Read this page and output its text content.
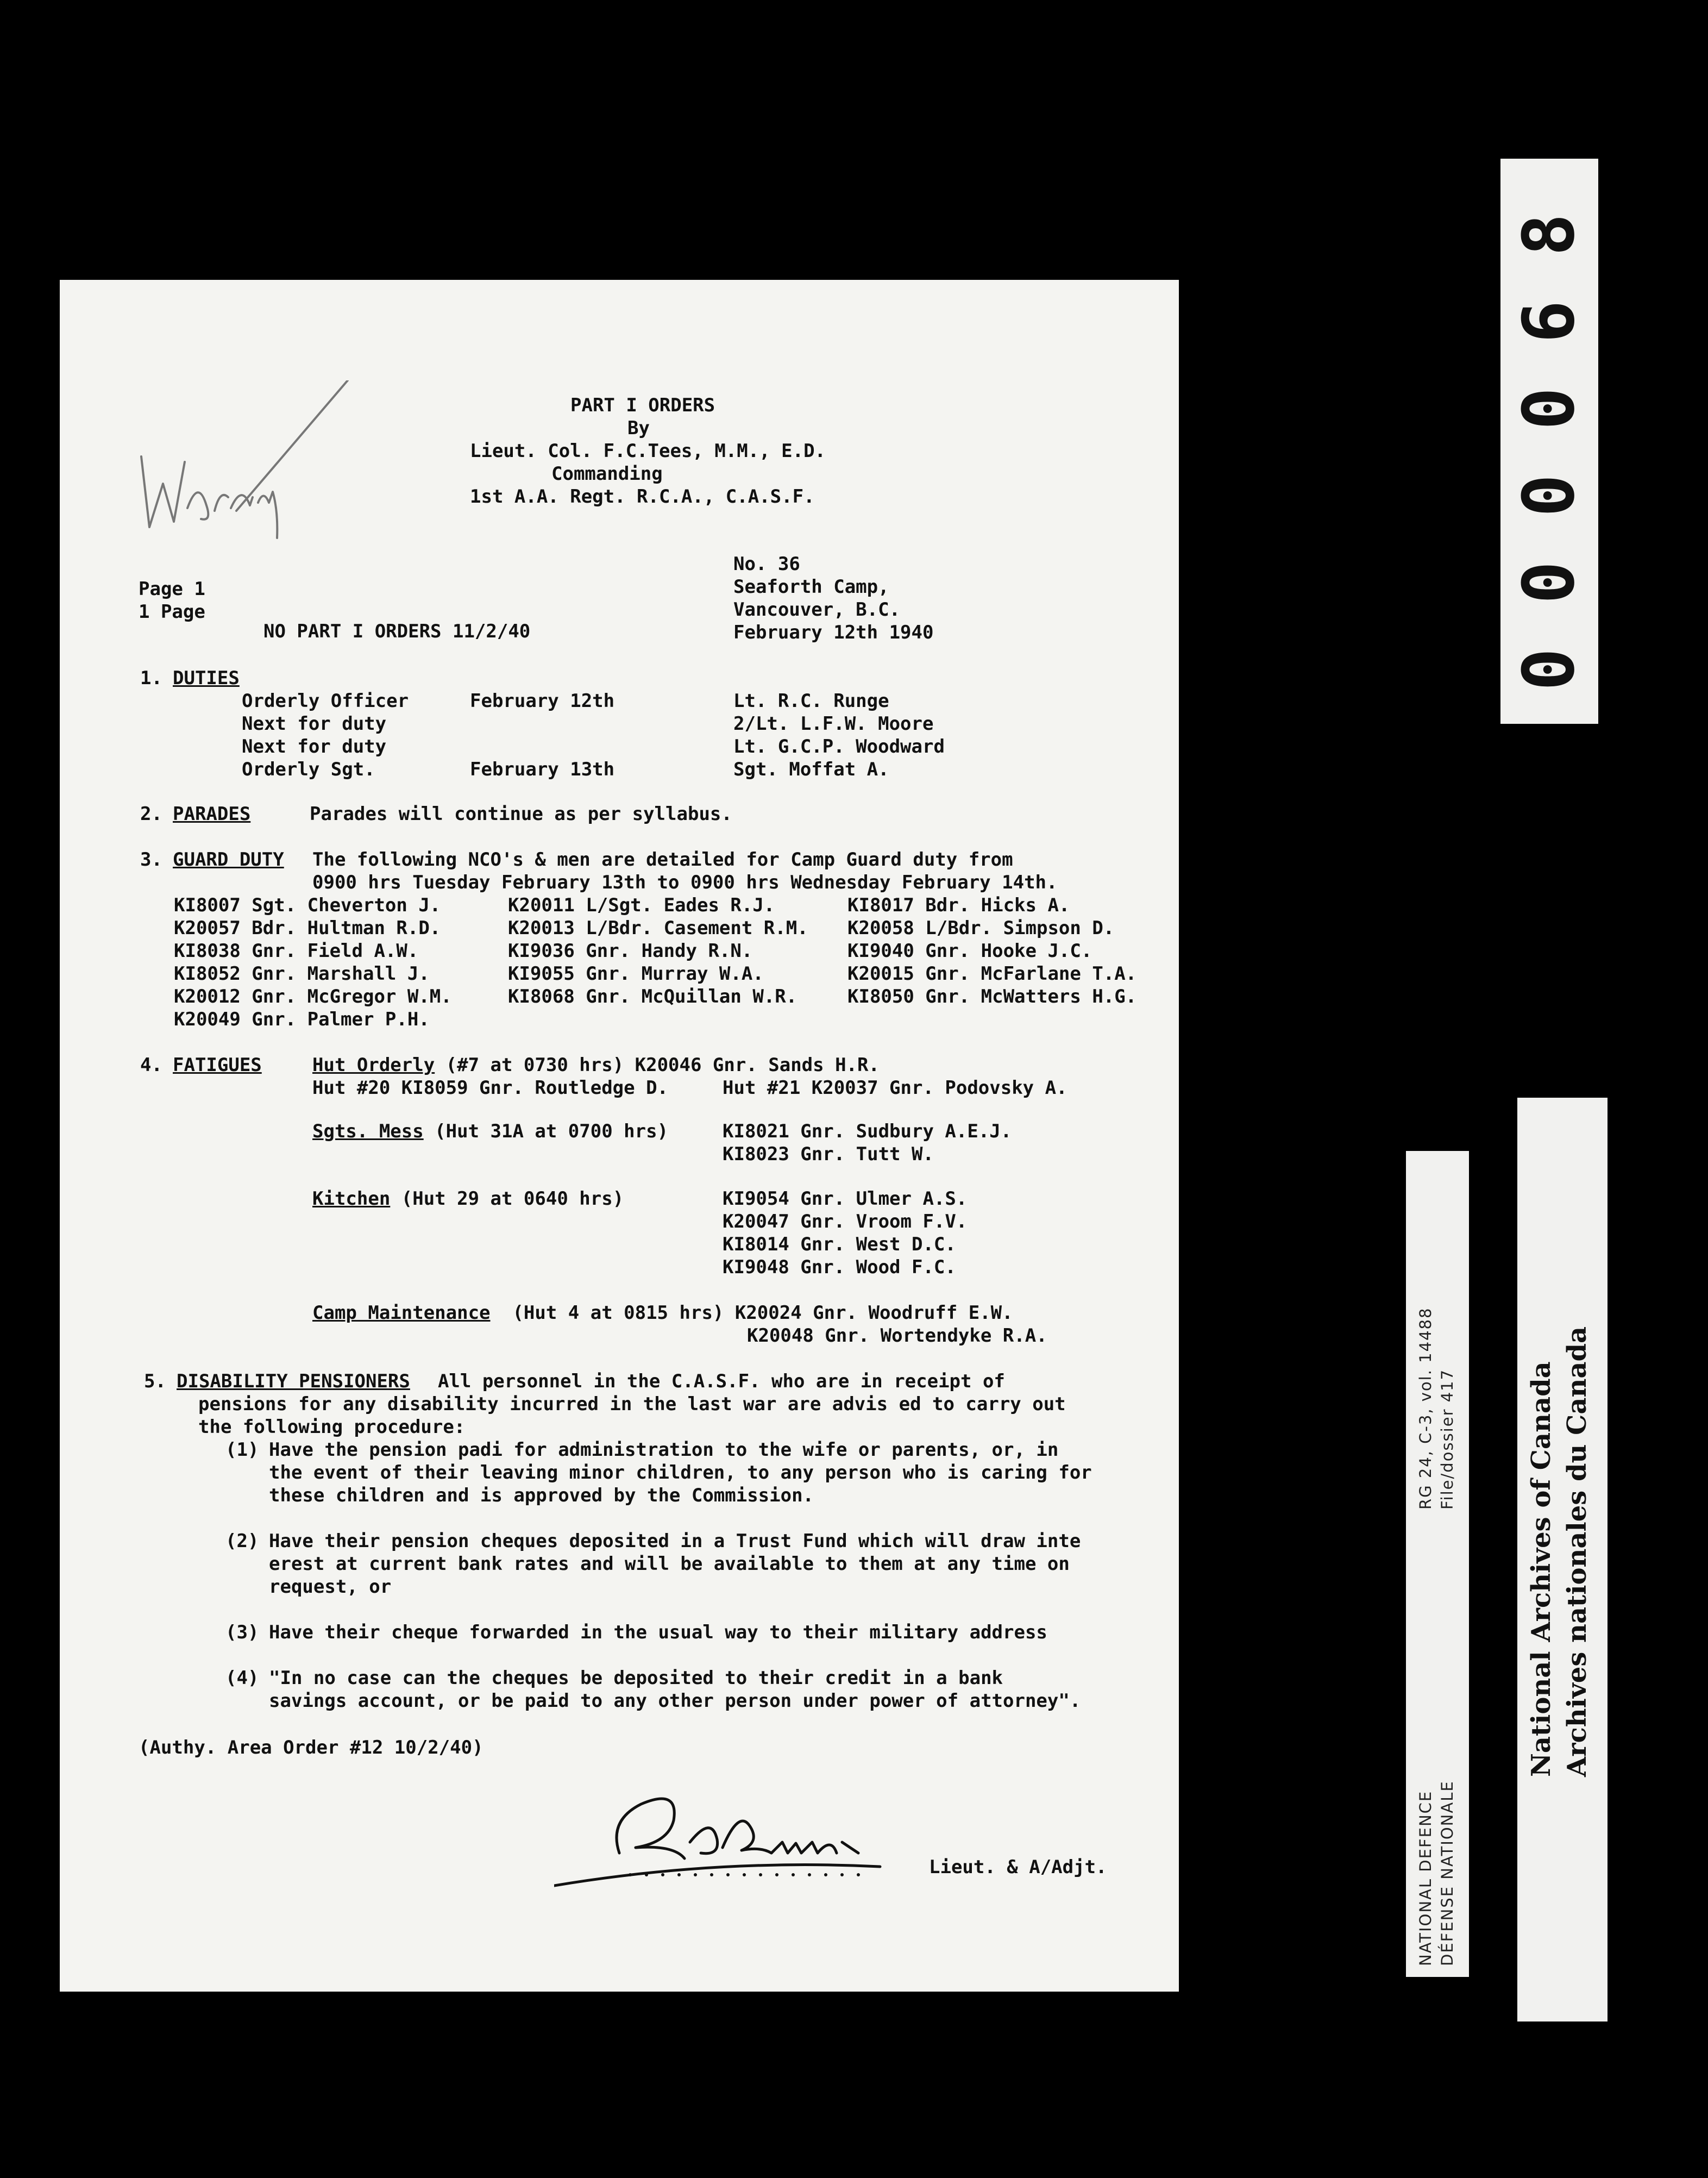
PART I ORDERS
By
Lieut. Col. F.C.Tees, M.M., E.D.
Commanding
1st A.A. Regt. R.C.A., C.A.S.F.
Page 1
1 Page
NO PART I ORDERS 11/2/40
No. 36
Seaforth Camp,
Vancouver, B.C.
February 12th 1940
1. DUTIES
Orderly Officer	February 12th	Lt. R.C. Runge
Next for duty	2/Lt. L.F.W. Moore
Next for duty	Lt. G.C.P. Woodward
Orderly Sgt.	February 13th	Sgt. Moffat A.
2. PARADES	Parades will continue as per syllabus.
3. GUARD DUTY The following NCO's & men are detailed for Camp Guard duty from
0900 hrs Tuesday February 13th to 0900 hrs Wednesday February 14th.
KI8007 Sgt. Cheverton J.	K20011 L/Sgt. Eades R.J.	KI8017 Bdr. Hicks A.
K20057 Bdr. Hultman R.D.	K20013 L/Bdr. Casement R.M. K20058 L/Bdr. Simpson D.
KI8038 Gnr. Field A.W.	KI9036 Gnr. Handy R.N.	KI9040 Gnr. Hooke J.C.
KI8052 Gnr. Marshall J.	KI9055 Gnr. Murray W.A.	K20015 Gnr. McFarlane T.A.
K20012 Gnr. McGregor W.M.	KI8068 Gnr. McQuillan W.R.	KI8050 Gnr. McWatters H.G.
K20049 Gnr. Palmer P.H.
4. FATIGUES	Hut Orderly (#7 at 0730 hrs) K20046 Gnr. Sands H.R.
Hut #20 KI8059 Gnr. Routledge D.	Hut #21 K20037 Gnr. Podovsky A.
Sgts. Mess (Hut 31A at 0700 hrs)	KI8021 Gnr. Sudbury A.E.J.
KI8023 Gnr. Tutt W.
Kitchen (Hut 29 at 0640 hrs)	KI9054 Gnr. Ulmer A.S.
K20047 Gnr. Vroom F.V.
KI8014 Gnr. West D.C.
KI9048 Gnr. Wood F.C.
Camp Maintenance  (Hut 4 at 0815 hrs) K20024 Gnr. Woodruff E.W.
K20048 Gnr. Wortendyke R.A.
5. DISABILITY PENSIONERS All personnel in the C.A.S.F. who are in receipt of
pensions for any disability incurred in the last war are advis ed to carry out
the following procedure:
(1) Have the pension padi for administration to the wife or parents, or, in
the event of their leaving minor children, to any person who is caring for
these children and is approved by the Commission.
(2) Have their pension cheques deposited in a Trust Fund which will draw inte
erest at current bank rates and will be available to them at any time on
request, or
(3) Have their cheque forwarded in the usual way to their military address
(4) "In no case can the cheques be deposited to their credit in a bank
savings account, or be paid to any other person under power of attorney".
(Authy. Area Order #12 10/2/40)
Lieut. & A/Adjt.
0
0
0
0
6
8
RG 24, C-3, vol. 14488 File/dossier 417
NATIONAL DEFENCE DÉFENSE NATIONALE
National Archives of Canada Archives nationales du Canada
